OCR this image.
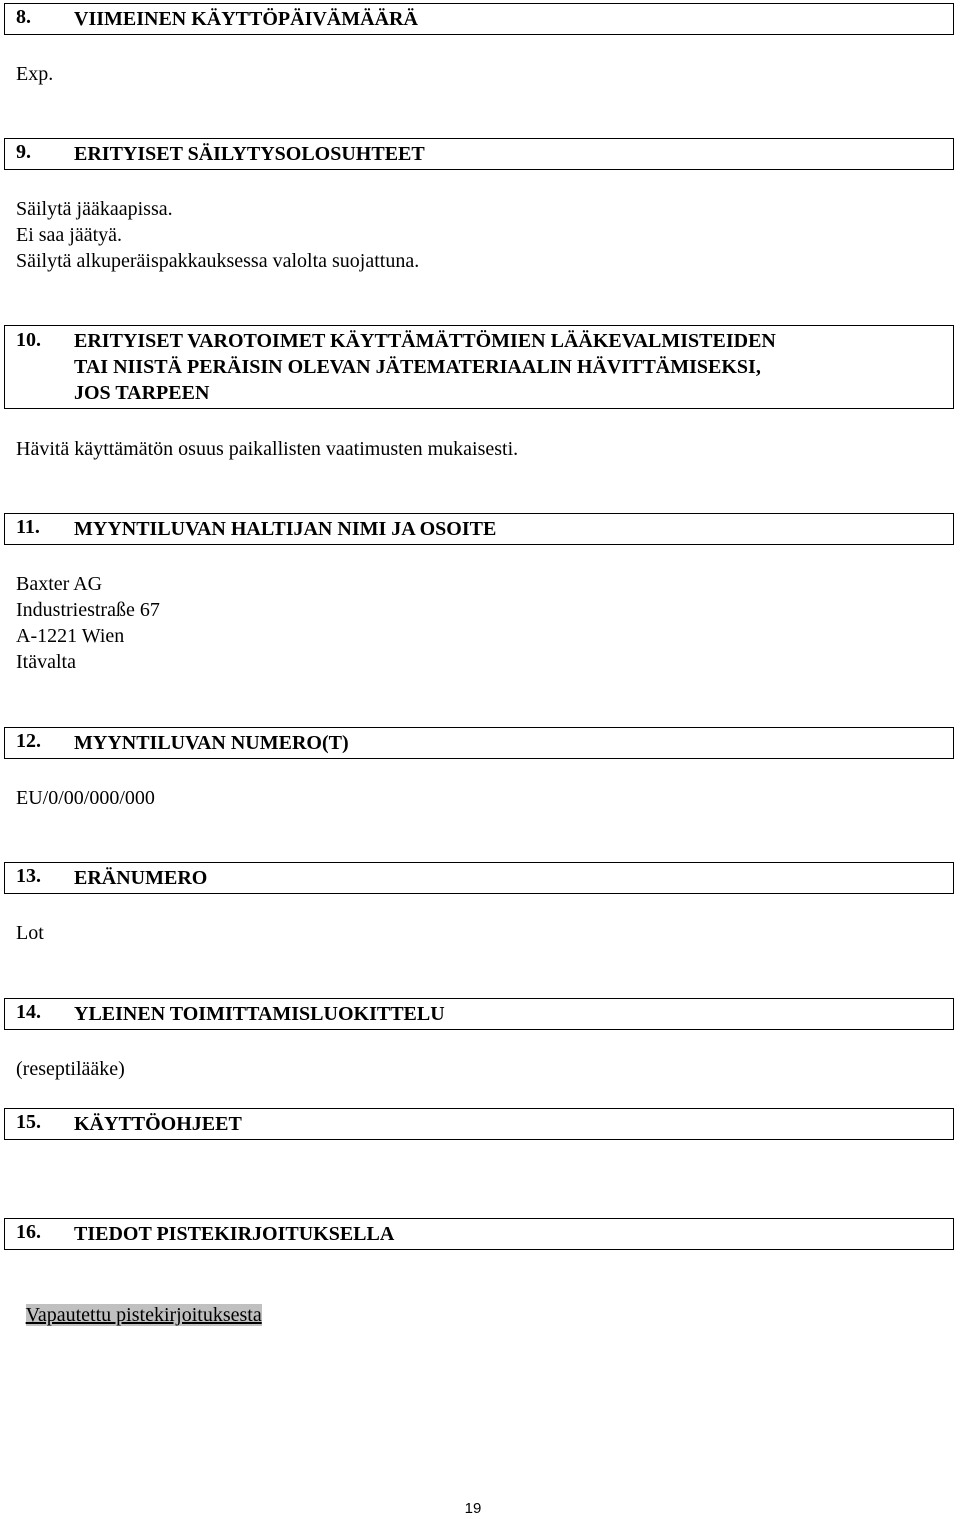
8. VIIMEINEN KÄYTTÖPÄIVÄMÄÄRÄ
Exp.
9. ERITYISET SÄILYTYSOLOSUHTEET
Säilytä jääkaapissa.
Ei saa jäätyä.
Säilytä alkuperäispakkauksessa valolta suojattuna.
10. ERITYISET VAROTOIMET KÄYTTÄMÄTTÖMIEN LÄÄKEVALMISTEIDEN
TAI NIISTÄ PERÄISIN OLEVAN JÄTEMATERIAALIN HÄVITTÄMISEKSI,
JOS TARPEEN
Hävitä käyttämätön osuus paikallisten vaatimusten mukaisesti.
11. MYYNTILUVAN HALTIJAN NIMI JA OSOITE
Baxter AG
Industriestraße 67
A-1221 Wien
Itävalta
12. MYYNTILUVAN NUMERO(T)
EU/0/00/000/000
13. ERÄNUMERO
Lot
14. YLEINEN TOIMITTAMISLUOKITTELU
(reseptilääke)
15. KÄYTTÖOHJEET
16. TIEDOT PISTEKIRJOITUKSELLA

Vapautettu pistekirjoituksesta

19
